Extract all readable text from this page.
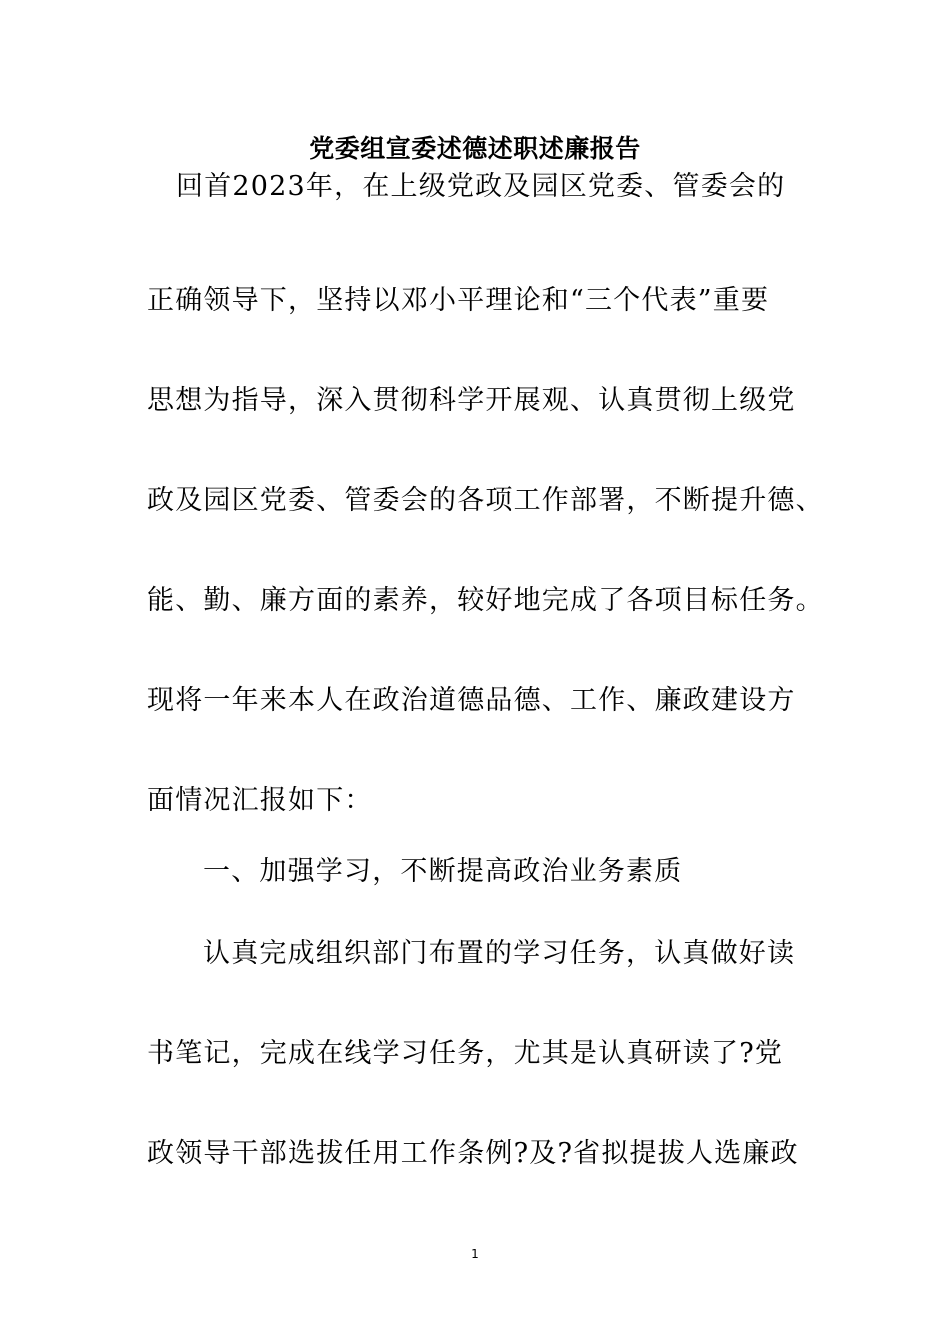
党委组宣委述德述职述廉报告

回首2023年，在上级党政及园区党委、管委会的

正确领导下，坚持以邓小平理论和“三个代表”重要

思想为指导，深入贯彻科学开展观、认真贯彻上级党

政及园区党委、管委会的各项工作部署，不断提升德、

能、勤、廉方面的素养，较好地完成了各项目标任务。

现将一年来本人在政治道德品德、工作、廉政建设方

面情况汇报如下：

一、加强学习，不断提高政治业务素质

认真完成组织部门布置的学习任务，认真做好读

书笔记，完成在线学习任务，尤其是认真研读了?党

政领导干部选拔任用工作条例?及?省拟提拔人选廉政

1
